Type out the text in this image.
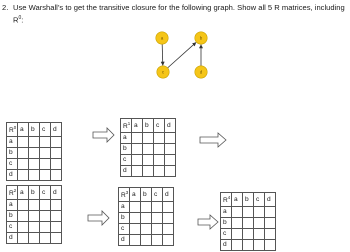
2. Use Warshall’s to get the transitive closure for the following graph. Show all 5 R matrices, including
$R^0$:
a	b
c	d
$R^0$	a	b	c	d
a				
b				
c				
d				
$R^1$	a	b	c	d
a				
b				
c				
d				
$R^2$	a	b	c	d
a				
b				
c				
d				
$R^3$	a	b	c	d
a				
b				
c				
d				
$R^4$	a	b	c	d
a				
b				
c				
d				
